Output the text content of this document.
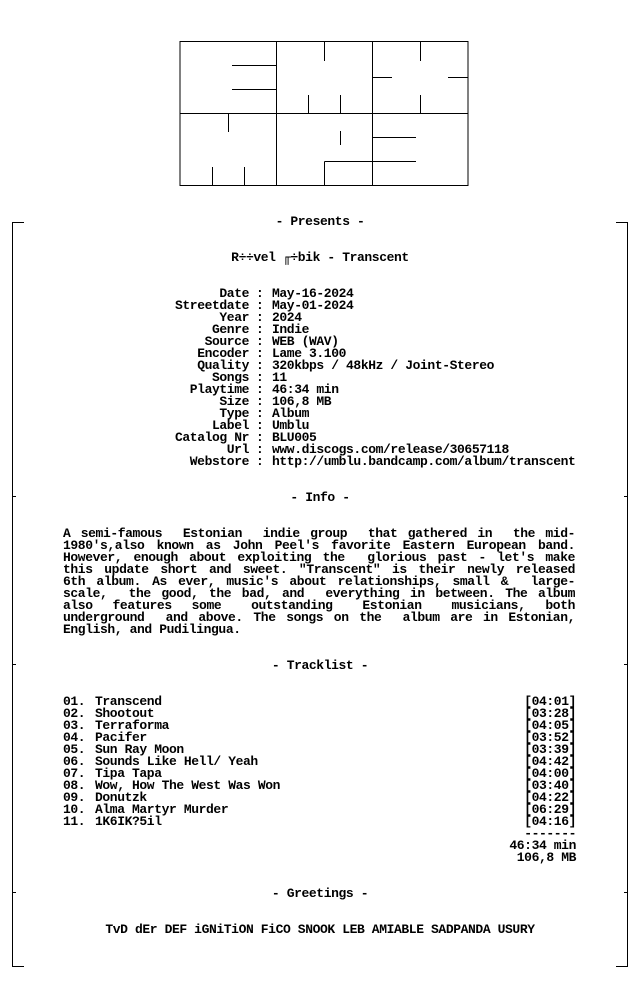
- Presents -
R÷÷vel ╓÷bik - Transcent
Date : May-16-2024
Streetdate : May-01-2024
Year : 2024
Genre : Indie
Source : WEB (WAV)
Encoder : Lame 3.100
Quality : 320kbps / 48kHz / Joint-Stereo
Songs : 11
Playtime : 46:34 min
Size : 106,8 MB
Type : Album
Label : Umblu
Catalog Nr : BLU005
Url : www.discogs.com/release/30657118
Webstore : http://umblu.bandcamp.com/album/transcent
- Info -
A semi-famous  Estonian  indie group  that gathered in  the mid-
1980's,also known as John Peel's favorite Eastern European band.
However, enough about exploiting the  glorious past - let's make
this update short and sweet. "Transcent" is their newly released
6th album. As ever, music's about relationships, small &  large-
scale,  the good, the bad, and  everything in between. The album
also  features  some   outstanding   Estonian   musicians,  both
underground  and above. The songs on the  album are in Estonian,
English, and Pudilingua.
- Tracklist -
01. Transcend	[04:01]
02. Shootout	[03:28]
03. Terraforma	[04:05]
04. Pacifer	[03:52]
05. Sun Ray Moon	[03:39]
06. Sounds Like Hell/ Yeah	[04:42]
07. Tipa Tapa	[04:00]
08. Wow, How The West Was Won	[03:40]
09. Donutzk	[04:22]
10. Alma Martyr Murder	[06:29]
11. 1K6IK?5il	[04:16]
-------
46:34 min
106,8 MB
- Greetings -
TvD dEr DEF iGNiTiON FiCO SNOOK LEB AMIABLE SADPANDA USURY
